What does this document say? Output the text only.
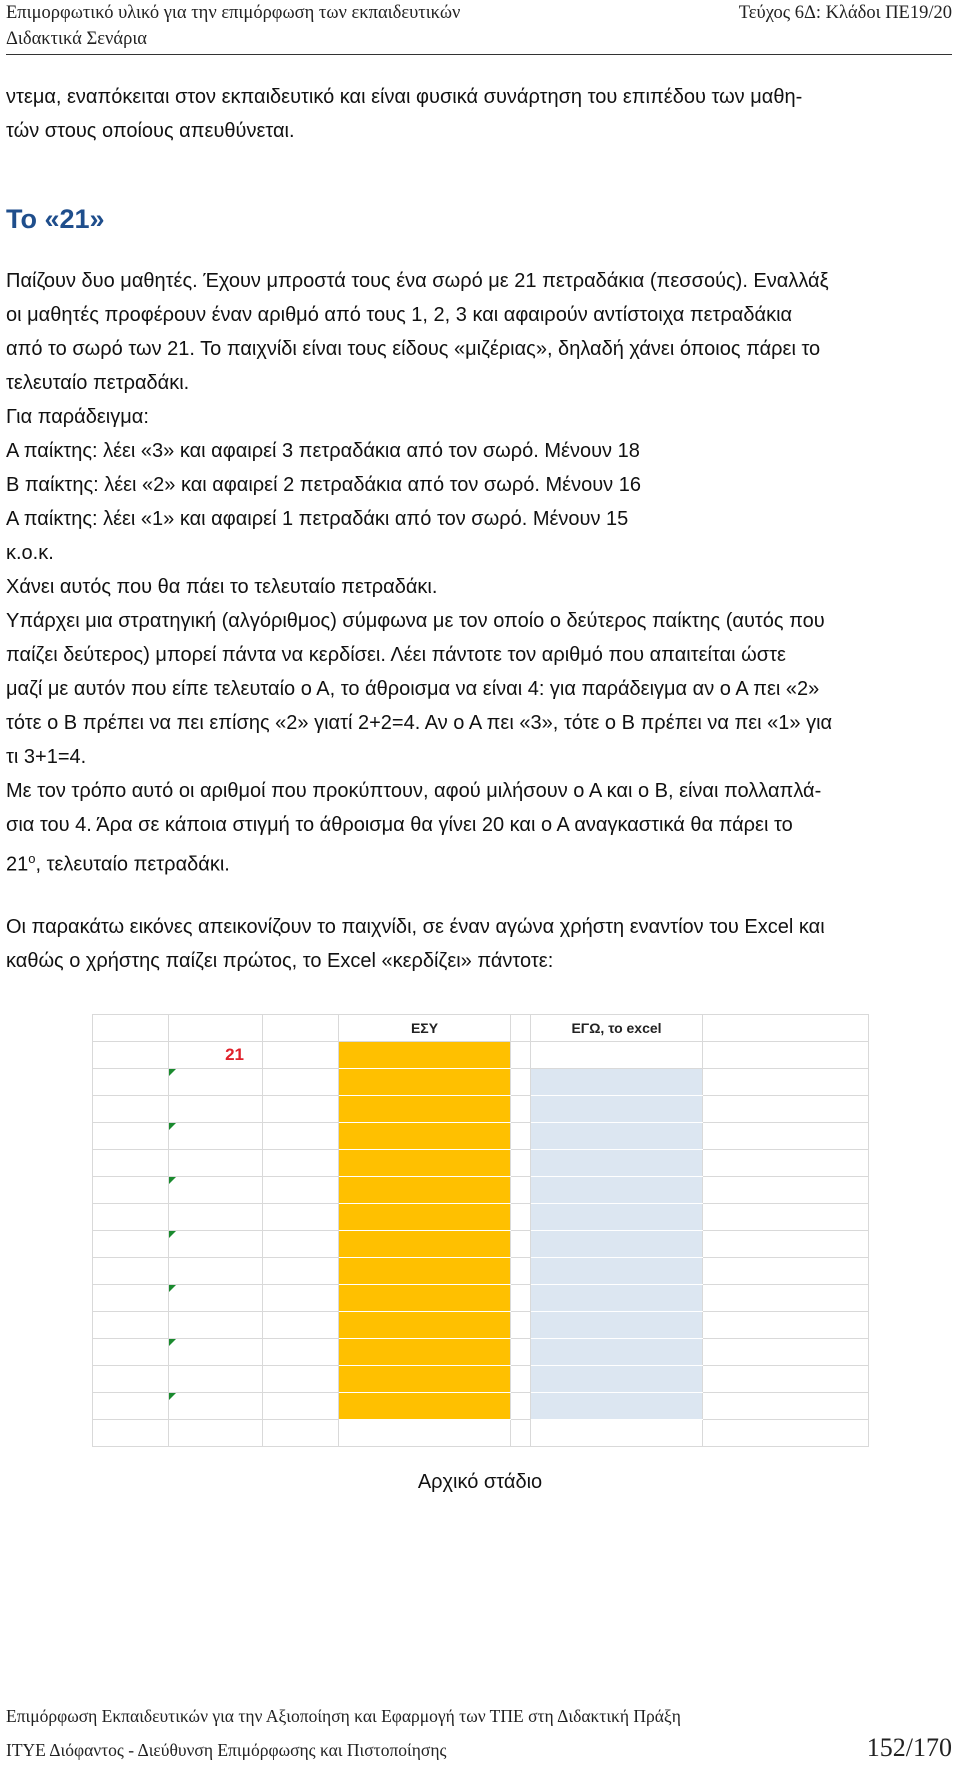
Επιμορφωτικό υλικό για την επιμόρφωση των εκπαιδευτικών	Τεύχος 6Δ: Κλάδοι ΠΕ19/20
Διδακτικά Σενάρια

ντεμα, εναπόκειται στον εκπαιδευτικό και είναι φυσικά συνάρτηση του επιπέδου των μαθη-
τών στους οποίους απευθύνεται.

Το «21»

Παίζουν δυο μαθητές. Έχουν μπροστά τους ένα σωρό με 21 πετραδάκια (πεσσούς). Εναλλάξ
οι μαθητές προφέρουν έναν αριθμό από τους 1, 2, 3 και αφαιρούν αντίστοιχα πετραδάκια
από το σωρό των 21. Το παιχνίδι είναι τους είδους «μιζέριας», δηλαδή χάνει όποιος πάρει το
τελευταίο πετραδάκι.

Για παράδειγμα:
Α παίκτης: λέει «3» και αφαιρεί 3 πετραδάκια από τον σωρό. Μένουν 18
Β παίκτης: λέει «2» και αφαιρεί 2 πετραδάκια από τον σωρό. Μένουν 16
Α παίκτης: λέει «1» και αφαιρεί 1 πετραδάκι από τον σωρό. Μένουν 15
κ.ο.κ.
Χάνει αυτός που θα πάει το τελευταίο πετραδάκι.

Υπάρχει μια στρατηγική (αλγόριθμος) σύμφωνα με τον οποίο ο δεύτερος παίκτης (αυτός που
παίζει δεύτερος) μπορεί πάντα να κερδίσει. Λέει πάντοτε τον αριθμό που απαιτείται ώστε
μαζί με αυτόν που είπε τελευταίο ο Α, το άθροισμα να είναι 4: για παράδειγμα αν ο Α πει «2»
τότε ο Β πρέπει να πει επίσης «2» γιατί 2+2=4. Αν ο Α πει «3», τότε ο Β πρέπει να πει «1» για
τι 3+1=4.

Με τον τρόπο αυτό οι αριθμοί που προκύπτουν, αφού μιλήσουν ο Α και ο Β, είναι πολλαπλά-
σια του 4. Άρα σε κάποια στιγμή το άθροισμα θα γίνει 20 και ο Α αναγκαστικά θα πάρει το
$21^o$, τελευταίο πετραδάκι.

Οι παρακάτω εικόνες απεικονίζουν το παιχνίδι, σε έναν αγώνα χρήστη εναντίον του Excel και
καθώς ο χρήστης παίζει πρώτος, το Excel «κερδίζει» πάντοτε:

			ΕΣΥ		ΕΓΩ, το excel	
	21					

Αρχικό στάδιο
Επιμόρφωση Εκπαιδευτικών για την Αξιοποίηση και Εφαρμογή των ΤΠΕ στη Διδακτική Πράξη
ΙΤΥΕ Διόφαντος - Διεύθυνση Επιμόρφωσης και Πιστοποίησης	152/170
